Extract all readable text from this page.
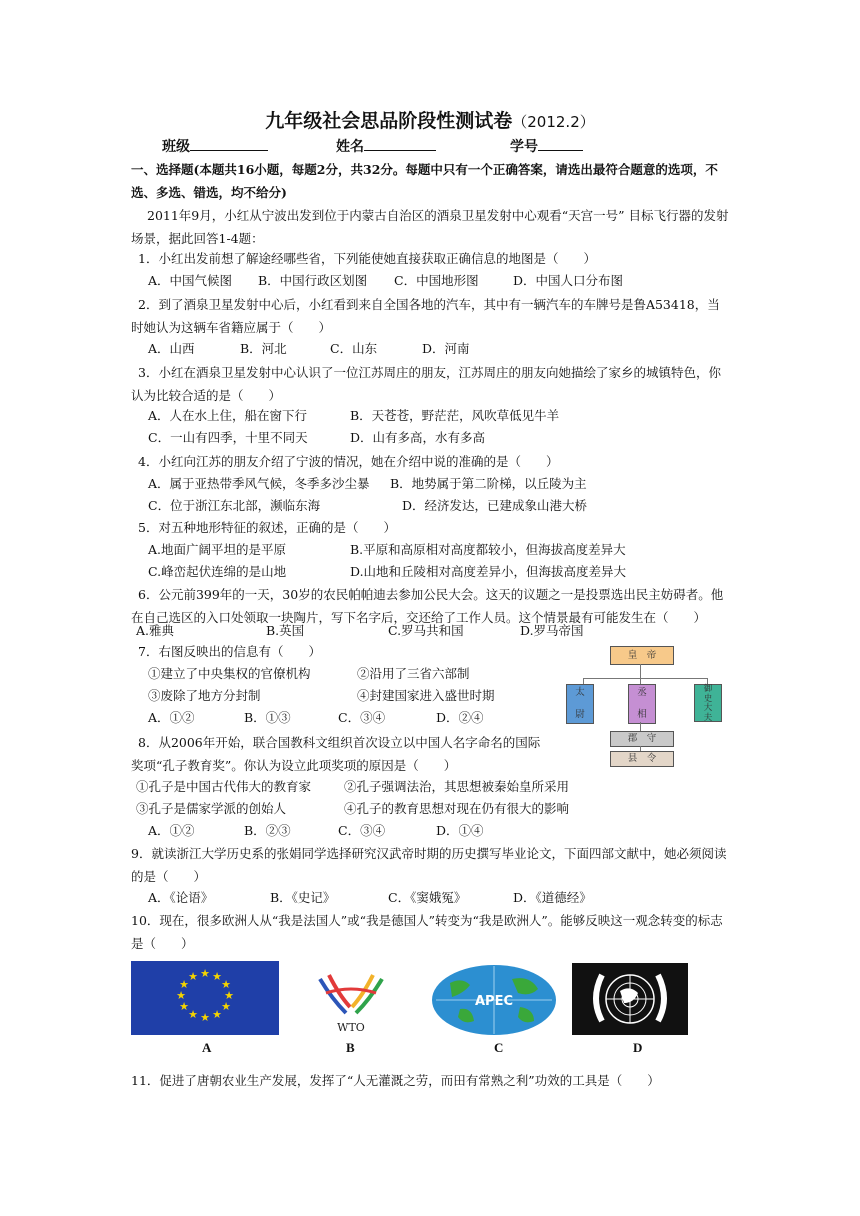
九年级社会思品阶段性测试卷（2012.2）
班级	姓名	学号
一、选择题(本题共16小题，每题2分，共32分。每题中只有一个正确答案，请选出最符合题意的选项，不选、多选、错选，均不给分)
2011年9月，小红从宁波出发到位于内蒙古自治区的酒泉卫星发射中心观看“天宫一号” 目标飞行器的发射场景，据此回答1-4题：
1．小红出发前想了解途经哪些省，下列能使她直接获取正确信息的地图是（　　）
A．中国气候图 B．中国行政区划图 C．中国地形图	D．中国人口分布图
2．到了酒泉卫星发射中心后，小红看到来自全国各地的汽车，其中有一辆汽车的车牌号是鲁A53418，当时她认为这辆车省籍应属于（　　）
A．山西	B．河北	C．山东	D．河南
3．小红在酒泉卫星发射中心认识了一位江苏周庄的朋友，江苏周庄的朋友向她描绘了家乡的城镇特色，你认为比较合适的是（　　）
A．人在水上住，船在窗下行	B．天苍苍，野茫茫，风吹草低见牛羊
C．一山有四季，十里不同天	D．山有多高，水有多高
4．小红向江苏的朋友介绍了宁波的情况，她在介绍中说的准确的是（　　）
A．属于亚热带季风气候，冬季多沙尘暴 B．地势属于第二阶梯，以丘陵为主
C．位于浙江东北部，濒临东海	D．经济发达，已建成象山港大桥
5．对五种地形特征的叙述，正确的是（　　）
A.地面广阔平坦的是平原	B.平原和高原相对高度都较小，但海拔高度差异大
C.峰峦起伏连绵的是山地	D.山地和丘陵相对高度差异小，但海拔高度差异大
6．公元前399年的一天，30岁的农民帕帕迪去参加公民大会。这天的议题之一是投票选出民主妨碍者。他在自己选区的入口处领取一块陶片，写下名字后，交还给了工作人员。这个情景最有可能发生在（　　）
A.雅典	B.英国	C.罗马共和国	D.罗马帝国
7．右图反映出的信息有（　　）
①建立了中央集权的官僚机构	②沿用了三省六部制
③废除了地方分封制	④封建国家进入盛世时期
A．①②	B．①③	C．③④	D．②④
皇　帝
太

尉
丞

相
御
史
大
夫
郡　守
县　令
8．从2006年开始，联合国教科文组织首次设立以中国人名字命名的国际奖项“孔子教育奖”。你认为设立此项奖项的原因是（　　）
①孔子是中国古代伟大的教育家	②孔子强调法治，其思想被秦始皇所采用
③孔子是儒家学派的创始人	④孔子的教育思想对现在仍有很大的影响
A．①②	B．②③	C．③④	D．①④
9．就读浙江大学历史系的张娟同学选择研究汉武帝时期的历史撰写毕业论文，下面四部文献中，她必须阅读的是（　　）
A．《论语》	B．《史记》	C．《窦娥冤》	D．《道德经》
10．现在，很多欧洲人从“我是法国人”或“我是德国人”转变为“我是欧洲人”。能够反映这一观念转变的标志是（　　）
★ ★
★
★
★
★
★
★
★
★
★
★
WTO
APEC
A	B	C	D
11．促进了唐朝农业生产发展，发挥了“人无灌溉之劳，而田有常熟之利”功效的工具是（　　）
